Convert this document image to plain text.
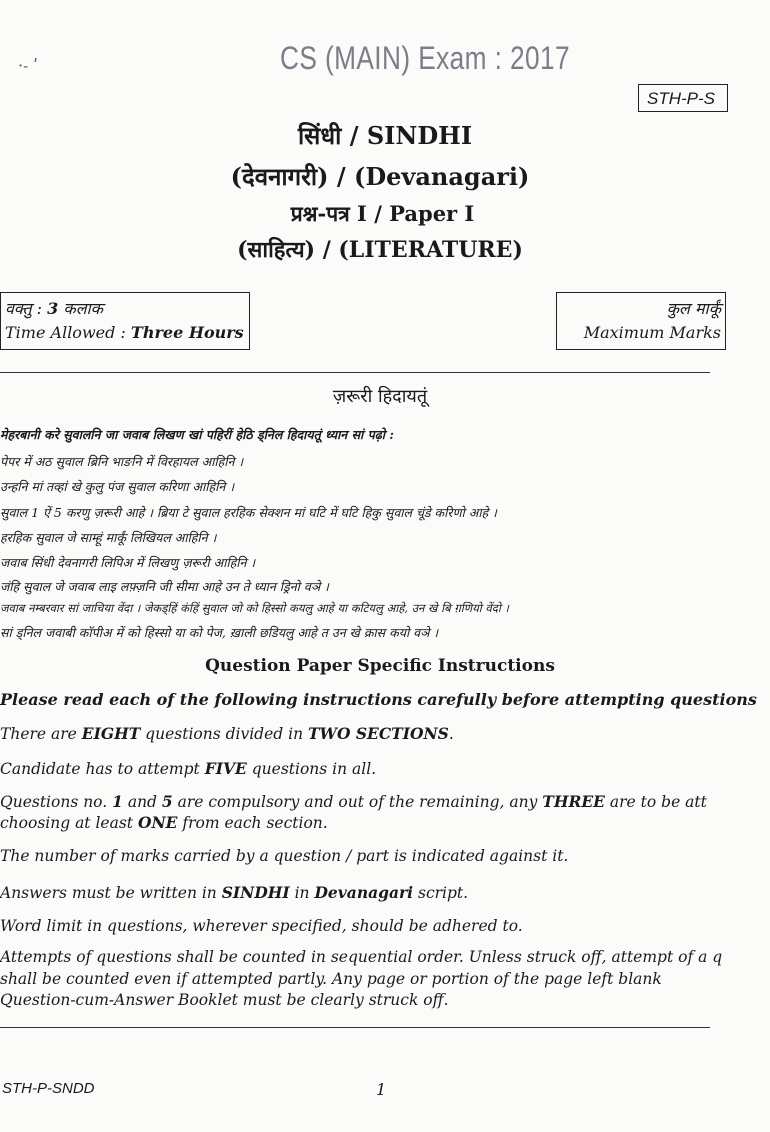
·˗ ʹ	CS (MAIN) Exam : 2017
STH-P-S
सिंधी / SINDHI
(देवनागरी) / (Devanagari)
प्रश्न-पत्र I / Paper I
(साहित्य) / (LITERATURE)
वक्तु : 3 कलाक
Time Allowed : Three Hours
कुल मार्कूं
Maximum Marks
ज़रूरी हिदायतूं
मेहरबानी करे सुवालनि जा जवाब लिखण खां पहिरीं हेठि ड्निल हिदायतूं ध्यान सां पढ़ो :
पेपर में अठ सुवाल ब्रिनि भाङनि में विरहायल आहिनि ।
उन्हनि मां तव्हां खे कुलु पंज सुवाल करिणा आहिनि ।
सुवाल 1 ऐं 5 करणु ज़रूरी आहे । ब्रिया टे सुवाल हरहिक सेक्शन मां घटि में घटि हिकु सुवाल चूंडे करिणो आहे ।
हरहिक सुवाल जे साम्हूं मार्कूं लिखियल आहिनि ।
जवाब सिंधी देवनागरी लिपिअ में लिखणु ज़रूरी आहिनि ।
जंहि सुवाल जे जवाब लाइ लफ़्ज़नि जी सीमा आहे उन ते ध्यान ड्रिनो वञे ।
जवाब नम्बरवार सां जाचिया वेंदा । जेकड्हिं कंहिं सुवाल जो को हिस्सो कयलु आहे या कटियलु आहे, उन खे बि ग़णियो वेंदो ।
सां ड्निल जवाबी कॉपीअ में को हिस्सो या को पेज, ख़ाली छडियलु आहे त उन खे क्रास कयो वञे ।
Question Paper Specific Instructions
Please read each of the following instructions carefully before attempting questions
There are EIGHT questions divided in TWO SECTIONS.
Candidate has to attempt FIVE questions in all.
Questions no. 1 and 5 are compulsory and out of the remaining, any THREE are to be att
choosing at least ONE from each section.
The number of marks carried by a question / part is indicated against it.
Answers must be written in SINDHI in Devanagari script.
Word limit in questions, wherever specified, should be adhered to.
Attempts of questions shall be counted in sequential order. Unless struck off, attempt of a q
shall be counted even if attempted partly. Any page or portion of the page left blank
Question-cum-Answer Booklet must be clearly struck off.
STH-P-SNDD	1
